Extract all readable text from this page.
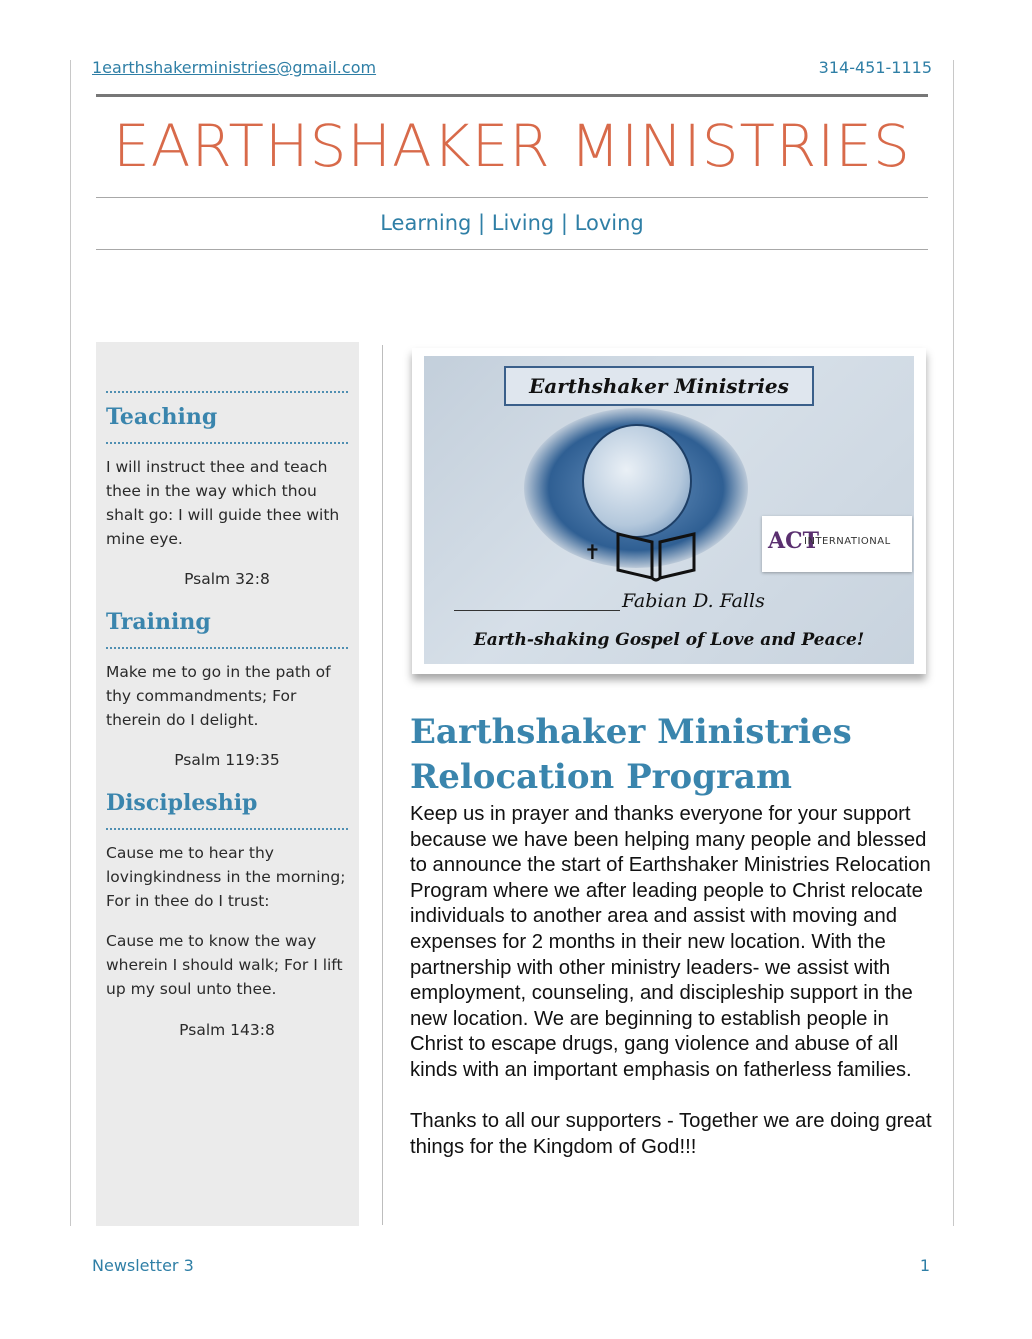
1earthshakerministries@gmail.com	314-451-1115
EARTHSHAKER MINISTRIES
Learning | Living | Loving
Teaching
I will instruct thee and teach thee in the way which thou shalt go: I will guide thee with mine eye.
Psalm 32:8
Training
Make me to go in the path of thy commandments; For therein do I delight.
Psalm 119:35
Discipleship
Cause me to hear thy lovingkindness in the morning; For in thee do I trust:
Cause me to know the way wherein I should walk; For I lift up my soul unto thee.
Psalm 143:8
Earthshaker Ministries
✝	ACT
INTERNATIONAL
Fabian D. Falls
Earth-shaking Gospel of Love and Peace!
Earthshaker Ministries
Relocation Program

Keep us in prayer and thanks everyone for your support because we have been helping many people and blessed to announce the start of Earthshaker Ministries Relocation Program where we after leading people to Christ relocate individuals to another area and assist with moving and expenses for 2 months in their new location. With the partnership with other ministry leaders- we assist with employment, counseling, and discipleship support in the new location. We are beginning to establish people in Christ to escape drugs, gang violence and abuse of all kinds with an important emphasis on fatherless families.

Thanks to all our supporters - Together we are doing great things for the Kingdom of God!!!

Newsletter 3	1
